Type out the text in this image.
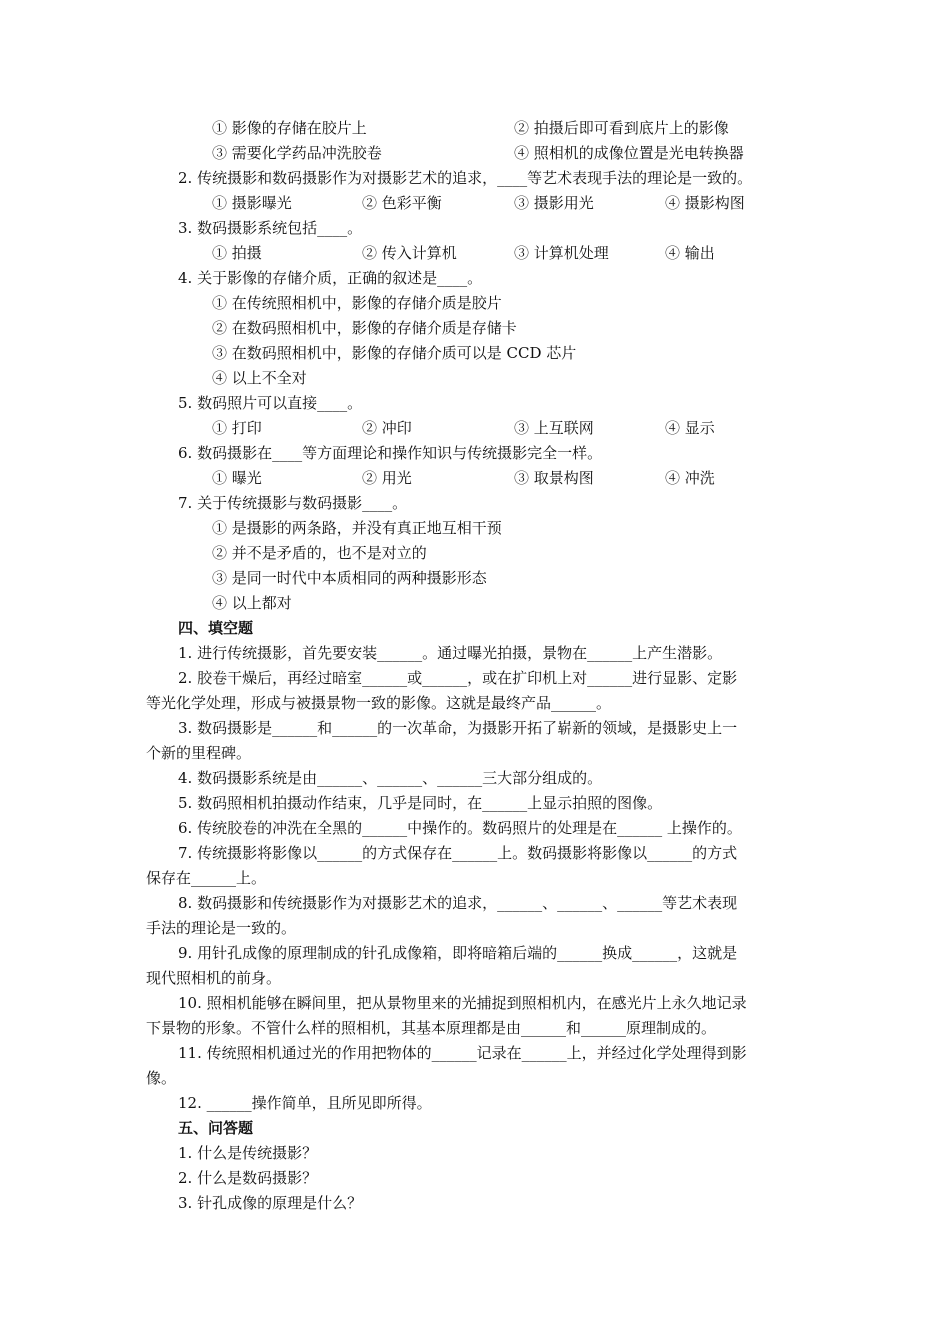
① 影像的存储在胶片上	② 拍摄后即可看到底片上的影像
③ 需要化学药品冲洗胶卷	④ 照相机的成像位置是光电转换器
2. 传统摄影和数码摄影作为对摄影艺术的追求，____等艺术表现手法的理论是一致的。
① 摄影曝光	② 色彩平衡	③ 摄影用光	④ 摄影构图
3. 数码摄影系统包括____。
① 拍摄	② 传入计算机	③ 计算机处理	④ 输出
4. 关于影像的存储介质，正确的叙述是____。
① 在传统照相机中，影像的存储介质是胶片
② 在数码照相机中，影像的存储介质是存储卡
③ 在数码照相机中，影像的存储介质可以是 CCD 芯片
④ 以上不全对
5. 数码照片可以直接____。
① 打印	② 冲印	③ 上互联网	④ 显示
6. 数码摄影在____等方面理论和操作知识与传统摄影完全一样。
① 曝光	② 用光	③ 取景构图	④ 冲洗
7. 关于传统摄影与数码摄影____。
① 是摄影的两条路，并没有真正地互相干预
② 并不是矛盾的，也不是对立的
③ 是同一时代中本质相同的两种摄影形态
④ 以上都对
四、填空题
1. 进行传统摄影，首先要安装______。通过曝光拍摄，景物在______上产生潜影。
2. 胶卷干燥后，再经过暗室______或______，或在扩印机上对______进行显影、定影
等光化学处理，形成与被摄景物一致的影像。这就是最终产品______。
3. 数码摄影是______和______的一次革命，为摄影开拓了崭新的领域，是摄影史上一
个新的里程碑。
4. 数码摄影系统是由______、______、______三大部分组成的。
5. 数码照相机拍摄动作结束，几乎是同时，在______上显示拍照的图像。
6. 传统胶卷的冲洗在全黑的______中操作的。数码照片的处理是在______ 上操作的。
7. 传统摄影将影像以______的方式保存在______上。数码摄影将影像以______的方式
保存在______上。
8. 数码摄影和传统摄影作为对摄影艺术的追求，______、______、______等艺术表现
手法的理论是一致的。
9. 用针孔成像的原理制成的针孔成像箱，即将暗箱后端的______换成______，这就是
现代照相机的前身。
10. 照相机能够在瞬间里，把从景物里来的光捕捉到照相机内，在感光片上永久地记录
下景物的形象。不管什么样的照相机，其基本原理都是由______和______原理制成的。
11. 传统照相机通过光的作用把物体的______记录在______上，并经过化学处理得到影
像。
12. ______操作简单，且所见即所得。
五、问答题
1. 什么是传统摄影？
2. 什么是数码摄影？
3. 针孔成像的原理是什么？
